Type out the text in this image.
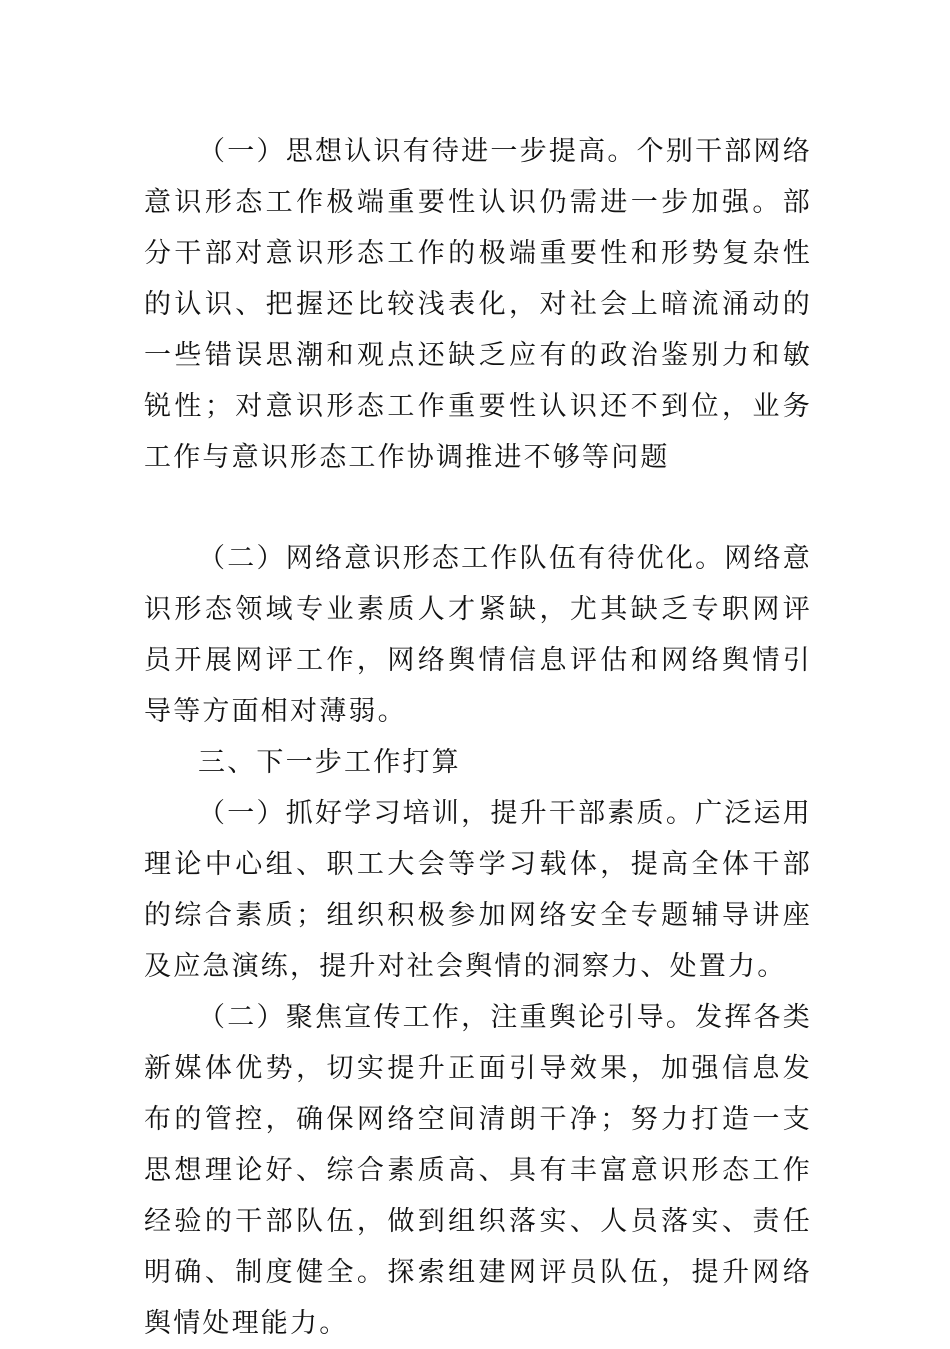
（一）思想认识有待进一步提高。个别干部网络意识形态工作极端重要性认识仍需进一步加强。部分干部对意识形态工作的极端重要性和形势复杂性的认识、把握还比较浅表化，对社会上暗流涌动的一些错误思潮和观点还缺乏应有的政治鉴别力和敏锐性；对意识形态工作重要性认识还不到位，业务工作与意识形态工作协调推进不够等问题

（二）网络意识形态工作队伍有待优化。网络意识形态领域专业素质人才紧缺，尤其缺乏专职网评员开展网评工作，网络舆情信息评估和网络舆情引导等方面相对薄弱。

三、下一步工作打算

（一）抓好学习培训，提升干部素质。广泛运用理论中心组、职工大会等学习载体，提高全体干部的综合素质；组织积极参加网络安全专题辅导讲座及应急演练，提升对社会舆情的洞察力、处置力。

（二）聚焦宣传工作，注重舆论引导。发挥各类新媒体优势，切实提升正面引导效果，加强信息发布的管控，确保网络空间清朗干净；努力打造一支思想理论好、综合素质高、具有丰富意识形态工作经验的干部队伍，做到组织落实、人员落实、责任明确、制度健全。探索组建网评员队伍，提升网络舆情处理能力。
